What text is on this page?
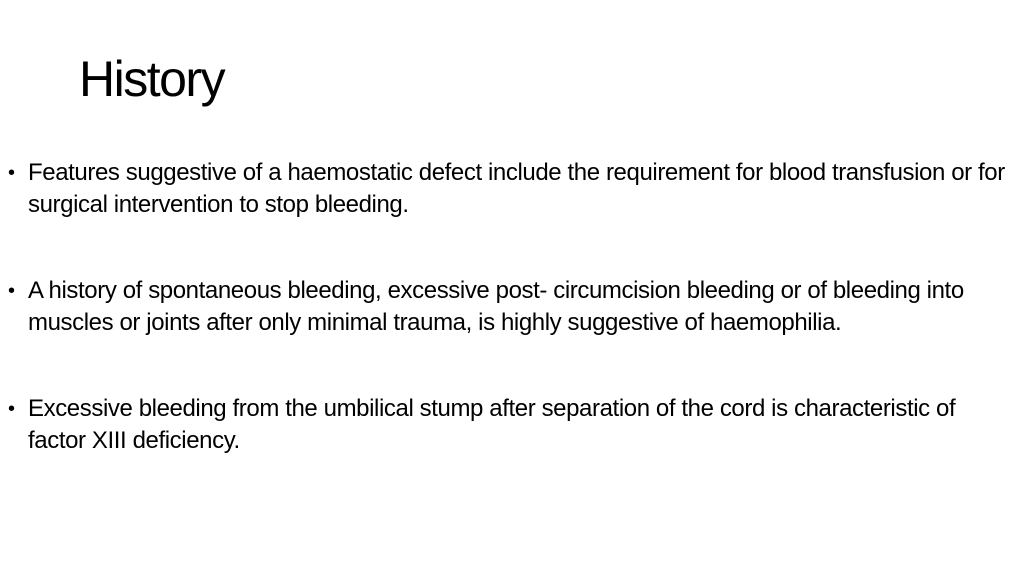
History
• Features suggestive of a haemostatic defect include the requirement for blood transfusion or for surgical intervention to stop bleeding.
• A history of spontaneous bleeding, excessive post- circumcision bleeding or of bleeding into muscles or joints after only minimal trauma, is highly suggestive of haemophilia.
• Excessive bleeding from the umbilical stump after separation of the cord is characteristic of factor XIII deficiency.
